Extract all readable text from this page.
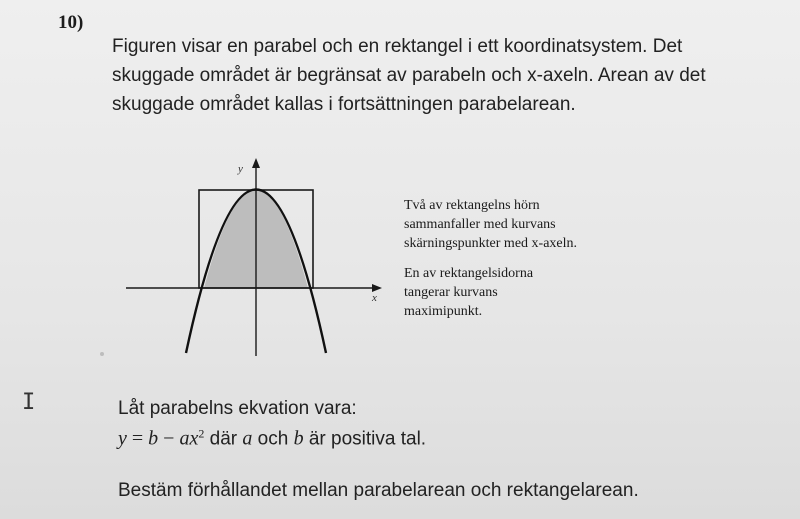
10)
Figuren visar en parabel och en rektangel i ett koordinatsystem. Det
skuggade området är begränsat av parabeln och x-axeln. Arean av det
skuggade området kallas i fortsättningen parabelarean.
y
x
Två av rektangelns hörn
sammanfaller med kurvans
skärningspunkter med x-axeln.
En av rektangelsidorna
tangerar kurvans
maximipunkt.
I	Låt parabelns ekvation vara:
$y = b - ax^2$ där a och b är positiva tal.
Bestäm förhållandet mellan parabelarean och rektangelarean.
